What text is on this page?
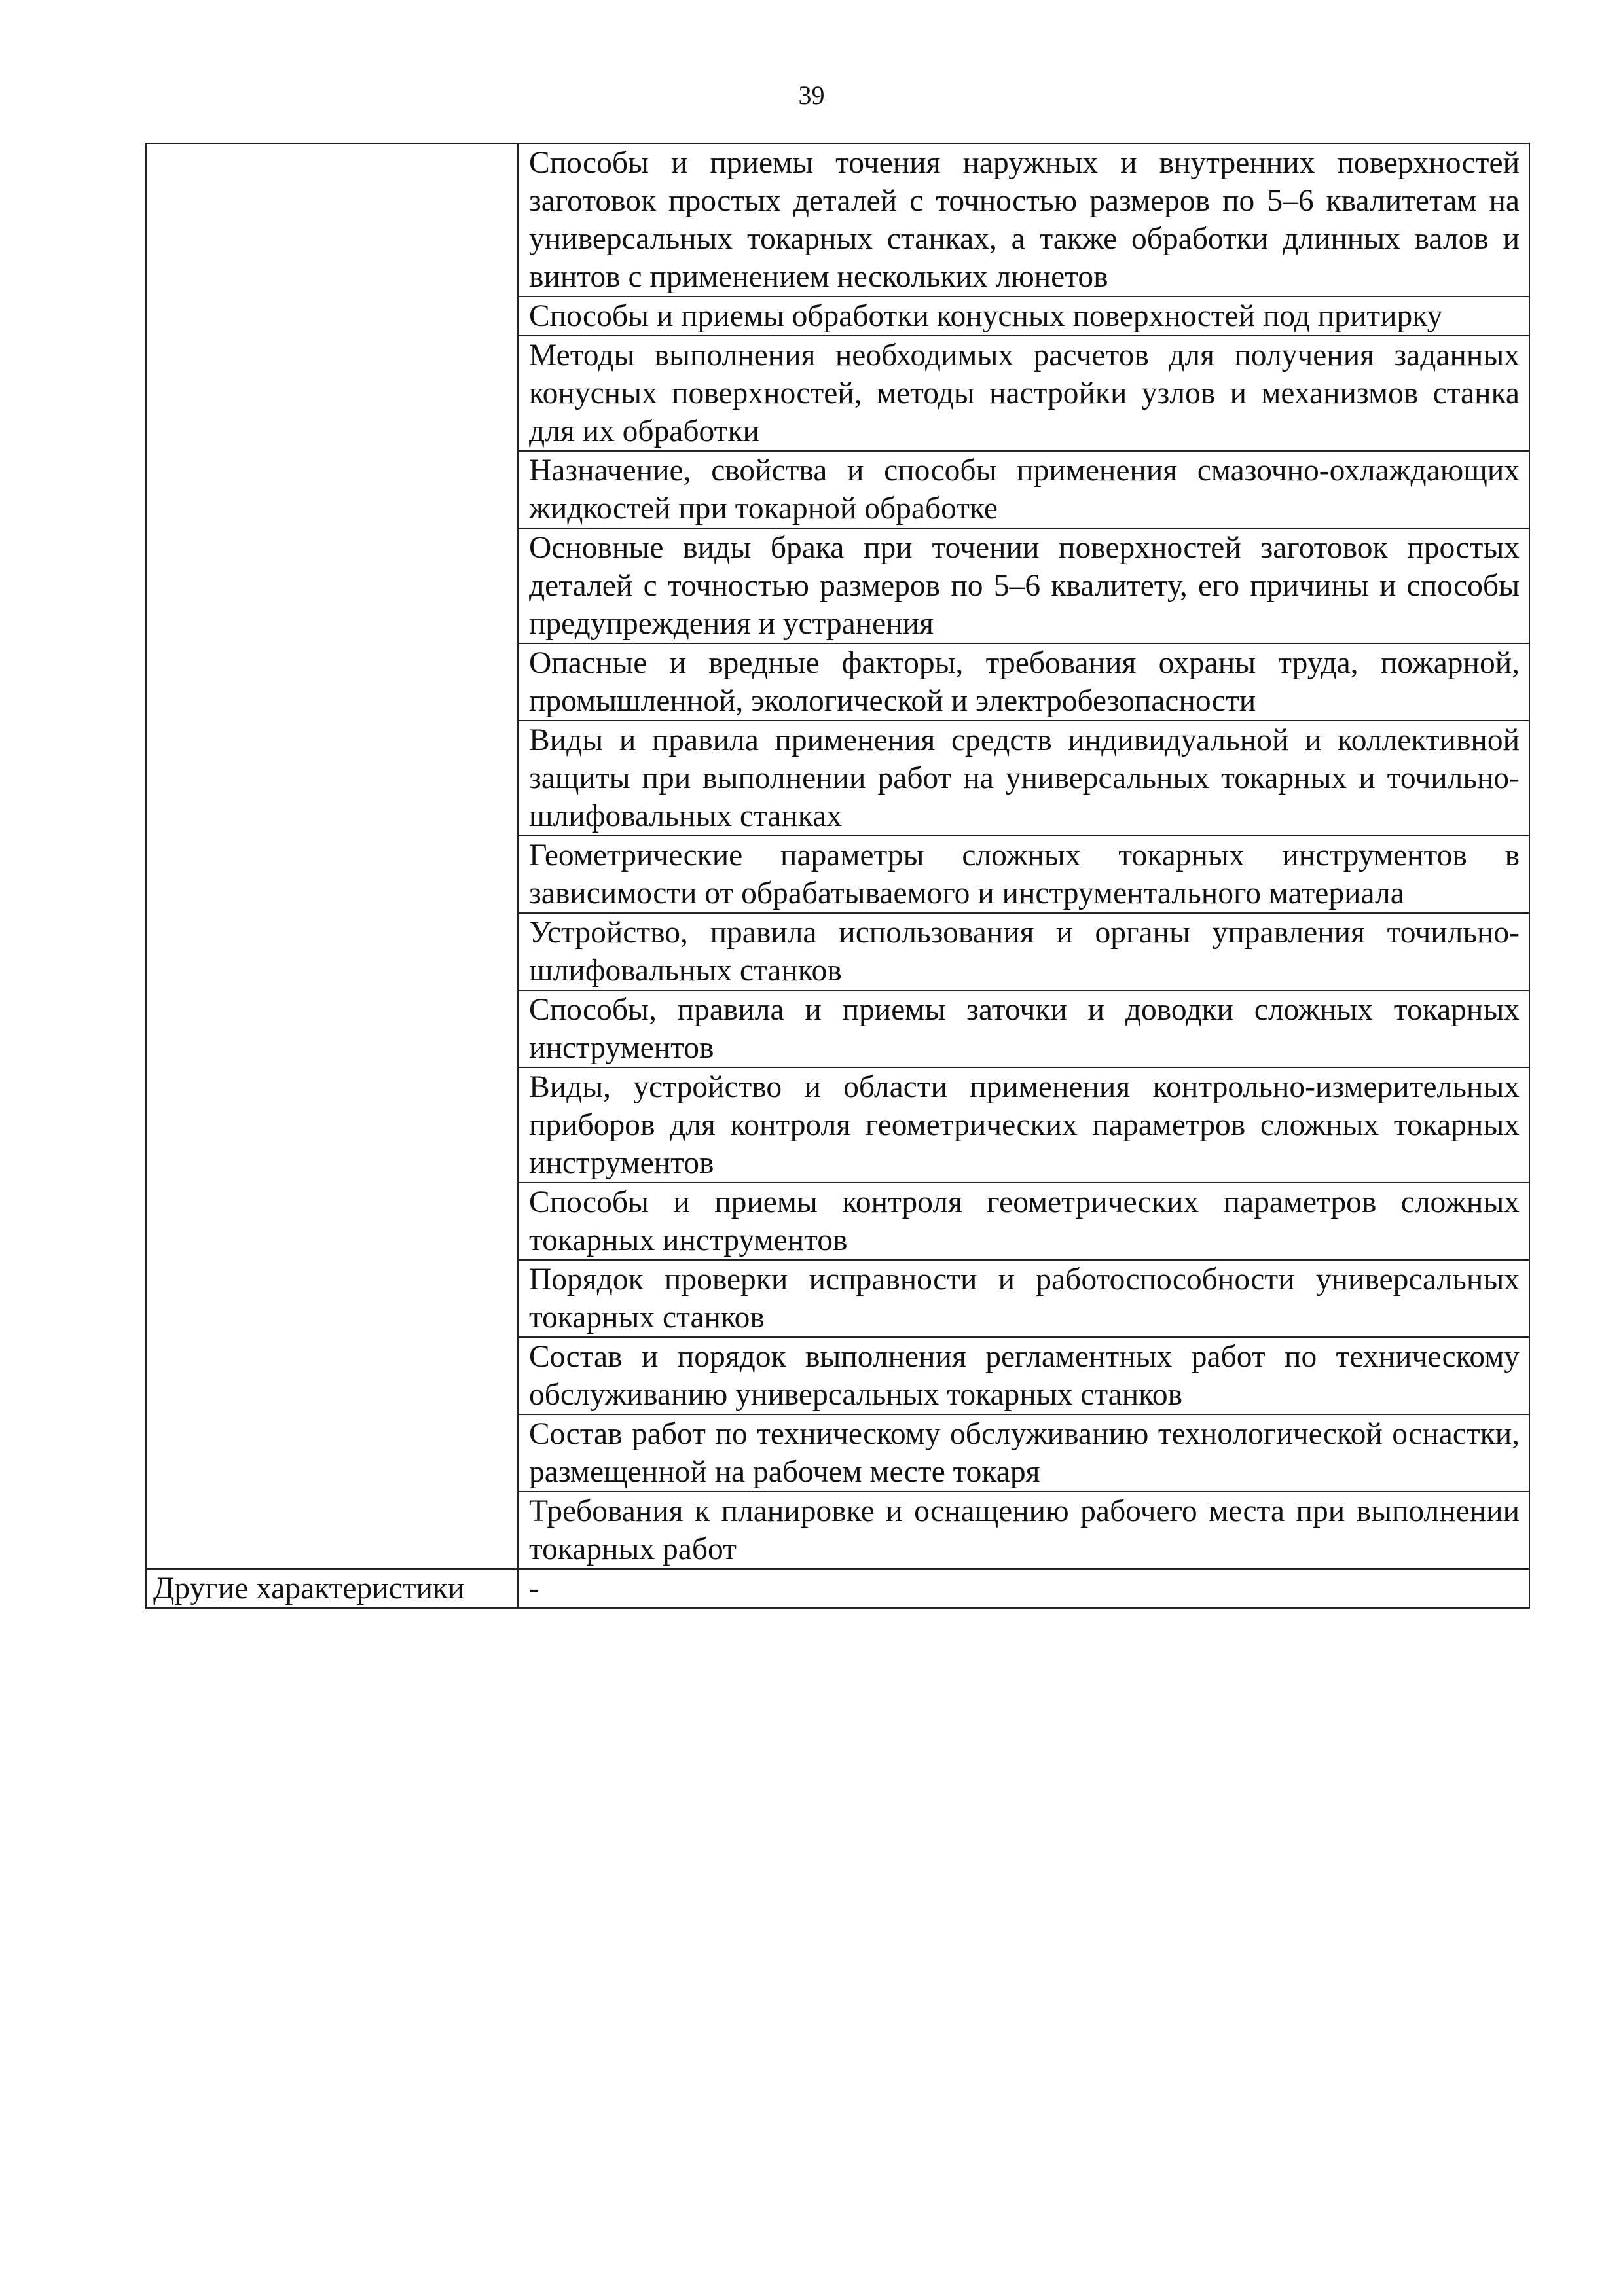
39
	Способы и приемы точения наружных и внутренних поверхностей заготовок простых деталей с точностью размеров по 5–6 квалитетам на универсальных токарных станках, а также обработки длинных валов и винтов с применением нескольких люнетов
	Способы и приемы обработки конусных поверхностей под притирку
	Методы выполнения необходимых расчетов для получения заданных конусных поверхностей, методы настройки узлов и механизмов станка для их обработки
	Назначение, свойства и способы применения смазочно-охлаждающих жидкостей при токарной обработке
	Основные виды брака при точении поверхностей заготовок простых деталей с точностью размеров по 5–6 квалитету, его причины и способы предупреждения и устранения
	Опасные и вредные факторы, требования охраны труда, пожарной, промышленной, экологической и электробезопасности
	Виды и правила применения средств индивидуальной и коллективной защиты при выполнении работ на универсальных токарных и точильно-шлифовальных станках
	Геометрические параметры сложных токарных инструментов в зависимости от обрабатываемого и инструментального материала
	Устройство, правила использования и органы управления точильно-шлифовальных станков
	Способы, правила и приемы заточки и доводки сложных токарных инструментов
	Виды, устройство и области применения контрольно-измерительных приборов для контроля геометрических параметров сложных токарных инструментов
	Способы и приемы контроля геометрических параметров сложных токарных инструментов
	Порядок проверки исправности и работоспособности универсальных токарных станков
	Состав и порядок выполнения регламентных работ по техническому обслуживанию универсальных токарных станков
	Состав работ по техническому обслуживанию технологической оснастки, размещенной на рабочем месте токаря
	Требования к планировке и оснащению рабочего места при выполнении токарных работ
Другие характеристики	-
